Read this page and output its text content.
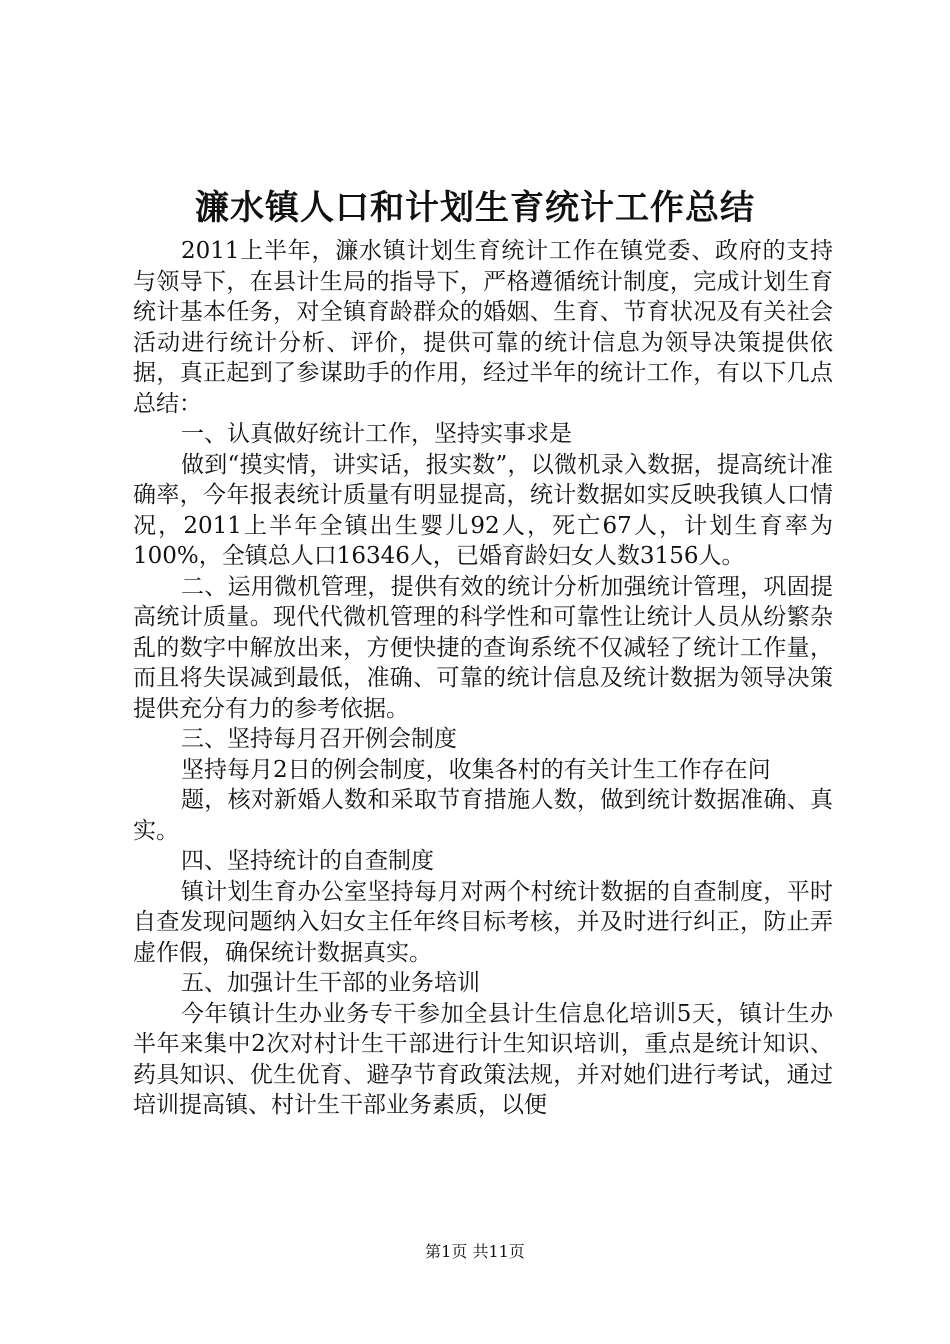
濂水镇人口和计划生育统计工作总结

2011上半年，濂水镇计划生育统计工作在镇党委、政府的支持与领导下，在县计生局的指导下，严格遵循统计制度，完成计划生育统计基本任务，对全镇育龄群众的婚姻、生育、节育状况及有关社会活动进行统计分析、评价，提供可靠的统计信息为领导决策提供依据，真正起到了参谋助手的作用，经过半年的统计工作，有以下几点总结：

一、认真做好统计工作，坚持实事求是

做到“摸实情，讲实话，报实数”，以微机录入数据，提高统计准确率，今年报表统计质量有明显提高，统计数据如实反映我镇人口情况，2011上半年全镇出生婴儿92人，死亡67人，计划生育率为100%，全镇总人口16346人，已婚育龄妇女人数3156人。

二、运用微机管理，提供有效的统计分析加强统计管理，巩固提高统计质量。现代代微机管理的科学性和可靠性让统计人员从纷繁杂乱的数字中解放出来，方便快捷的查询系统不仅减轻了统计工作量，而且将失误减到最低，准确、可靠的统计信息及统计数据为领导决策提供充分有力的参考依据。

三、坚持每月召开例会制度

坚持每月2日的例会制度，收集各村的有关计生工作存在问

题，核对新婚人数和采取节育措施人数，做到统计数据准确、真实。

四、坚持统计的自查制度

镇计划生育办公室坚持每月对两个村统计数据的自查制度，平时自查发现问题纳入妇女主任年终目标考核，并及时进行纠正，防止弄虚作假，确保统计数据真实。

五、加强计生干部的业务培训

今年镇计生办业务专干参加全县计生信息化培训5天，镇计生办半年来集中2次对村计生干部进行计生知识培训，重点是统计知识、药具知识、优生优育、避孕节育政策法规，并对她们进行考试，通过培训提高镇、村计生干部业务素质，以便

第1页 共11页
